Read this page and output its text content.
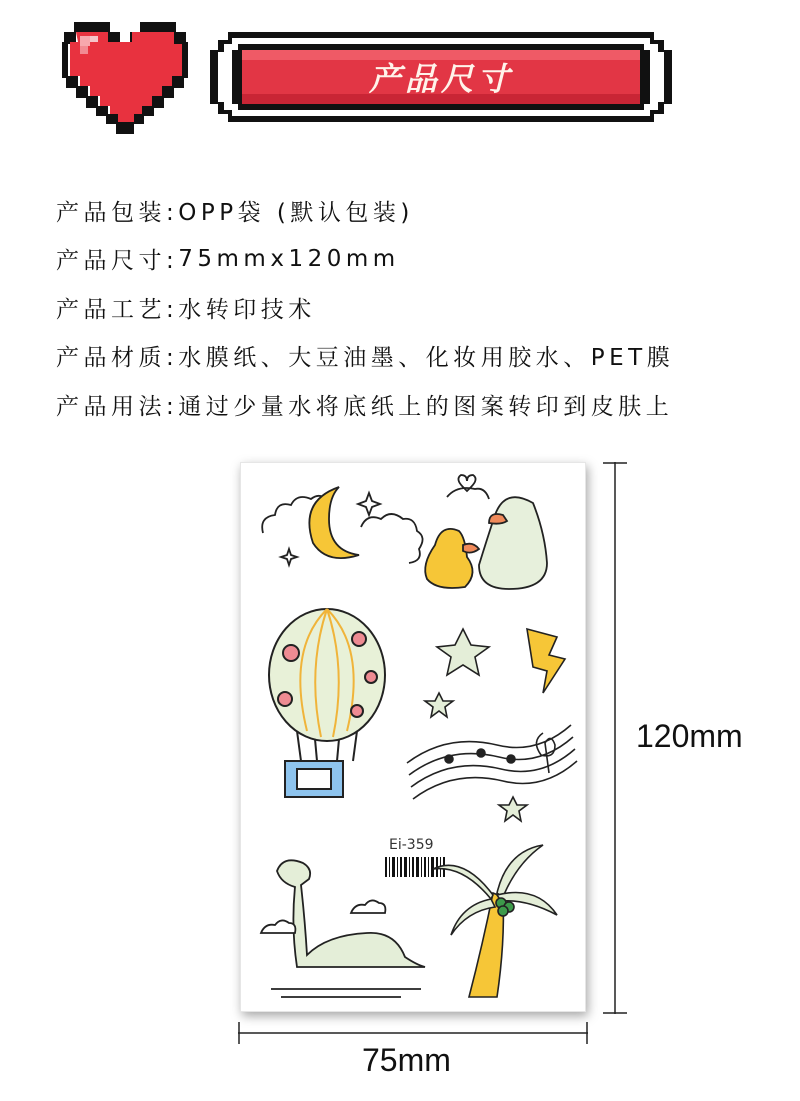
产品尺寸
产品包装: OPP袋 (默认包装)
产品尺寸: 75mmx120mm
产品工艺: 水转印技术
产品材质: 水膜纸、大豆油墨、化妆用胶水、PET膜
产品用法: 通过少量水将底纸上的图案转印到皮肤上
Ei-359
120mm
75mm
